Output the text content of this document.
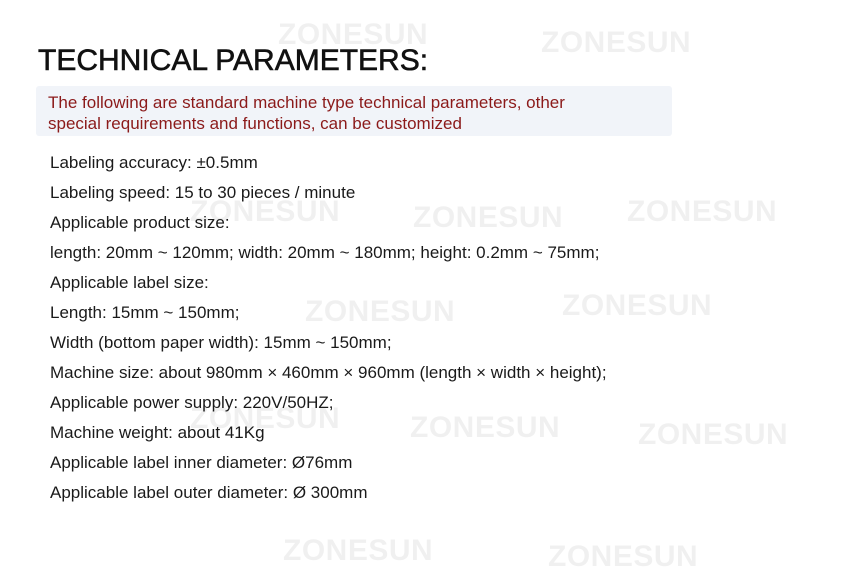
ZONESUN	ZONESUN
ZONESUN ZONESUN ZONESUN
ZONESUN	ZONESUN
ZONESUN ZONESUN	ZONESUN
ZONESUN	ZONESUN
TECHNICAL PARAMETERS:
The following are standard machine type technical parameters, other
special requirements and functions, can be customized
Labeling accuracy: ±0.5mm
Labeling speed: 15 to 30 pieces / minute
Applicable product size:
length: 20mm ~ 120mm; width: 20mm ~ 180mm; height: 0.2mm ~ 75mm;
Applicable label size:
Length: 15mm ~ 150mm;
Width (bottom paper width): 15mm ~ 150mm;
Machine size: about 980mm × 460mm × 960mm (length × width × height);
Applicable power supply: 220V/50HZ;
Machine weight: about 41Kg
Applicable label inner diameter: Ø76mm
Applicable label outer diameter: Ø 300mm
